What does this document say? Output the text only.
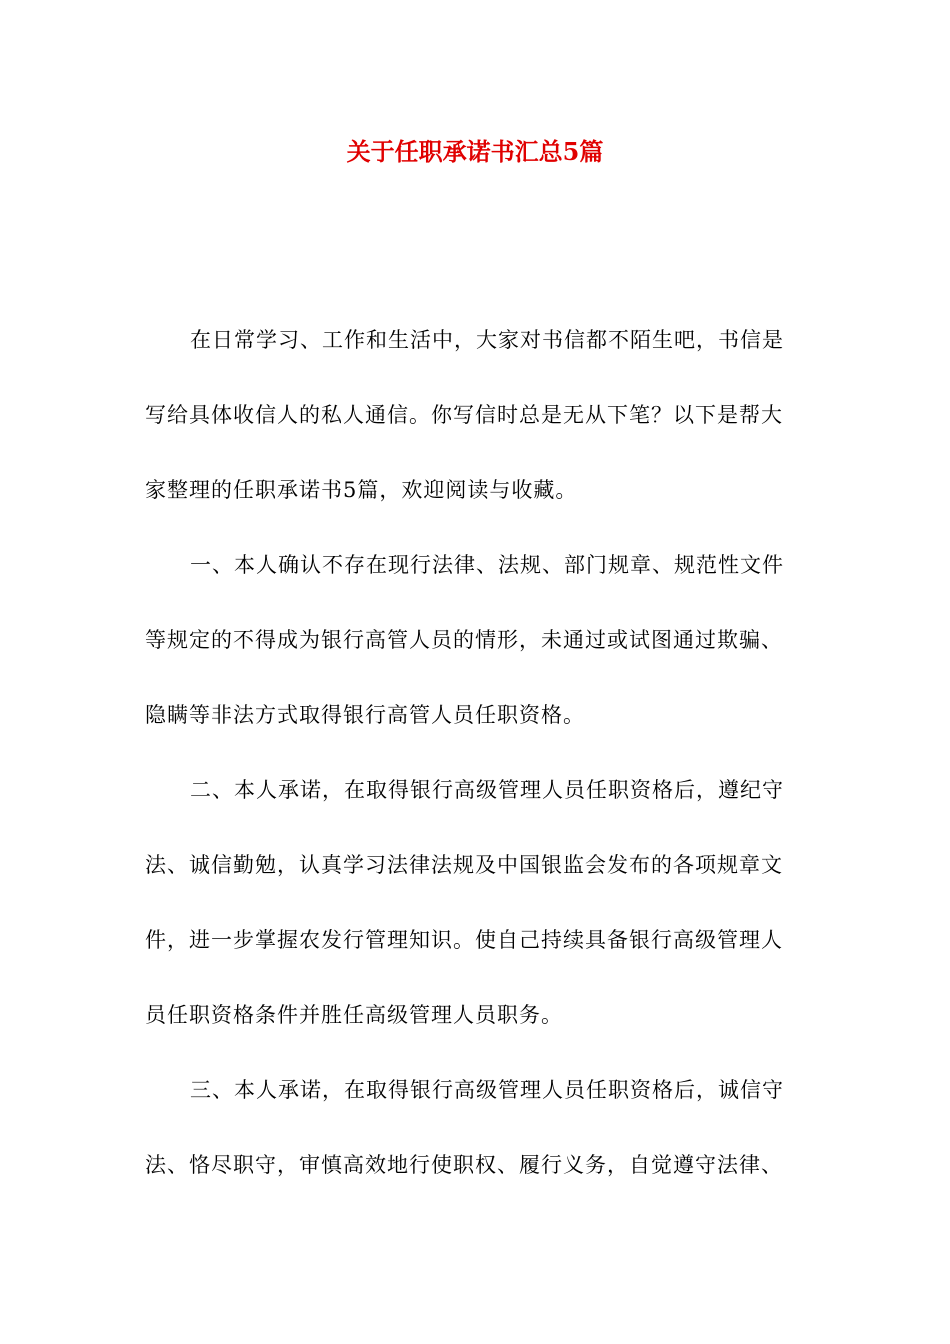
关于任职承诺书汇总5篇

在日常学习、工作和生活中，大家对书信都不陌生吧，书信是

写给具体收信人的私人通信。你写信时总是无从下笔？以下是帮大

家整理的任职承诺书5篇，欢迎阅读与收藏。

一、本人确认不存在现行法律、法规、部门规章、规范性文件

等规定的不得成为银行高管人员的情形，未通过或试图通过欺骗、

隐瞒等非法方式取得银行高管人员任职资格。

二、本人承诺，在取得银行高级管理人员任职资格后，遵纪守

法、诚信勤勉，认真学习法律法规及中国银监会发布的各项规章文

件，进一步掌握农发行管理知识。使自己持续具备银行高级管理人

员任职资格条件并胜任高级管理人员职务。

三、本人承诺，在取得银行高级管理人员任职资格后，诚信守

法、恪尽职守，审慎高效地行使职权、履行义务，自觉遵守法律、
